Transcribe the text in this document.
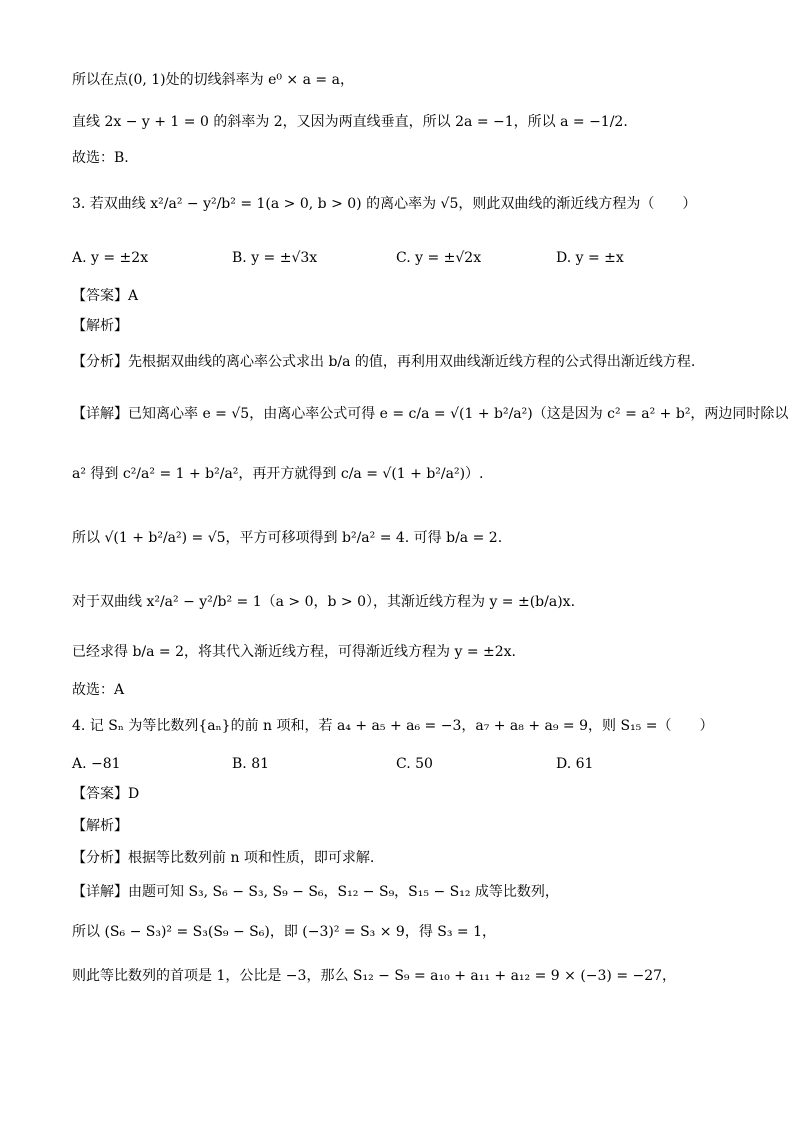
所以在点(0, 1)处的切线斜率为 e⁰ × a = a，
直线 2x − y + 1 = 0 的斜率为 2，又因为两直线垂直，所以 2a = −1，所以 a = −1/2.
故选：B.
3. 若双曲线 x²/a² − y²/b² = 1(a > 0, b > 0) 的离心率为 √5，则此双曲线的渐近线方程为（　　）
A. y = ±2x	B. y = ±√3x	C. y = ±√2x	D. y = ±x
【答案】A
【解析】
【分析】先根据双曲线的离心率公式求出 b/a 的值，再利用双曲线渐近线方程的公式得出渐近线方程.
【详解】已知离心率 e = √5，由离心率公式可得 e = c/a = √(1 + b²/a²)（这是因为 c² = a² + b²，两边同时除以
a² 得到 c²/a² = 1 + b²/a²，再开方就得到 c/a = √(1 + b²/a²)）.
所以 √(1 + b²/a²) = √5，平方可移项得到 b²/a² = 4. 可得 b/a = 2.
对于双曲线 x²/a² − y²/b² = 1（a > 0，b > 0），其渐近线方程为 y = ±(b/a)x.
已经求得 b/a = 2，将其代入渐近线方程，可得渐近线方程为 y = ±2x.
故选：A
4. 记 Sₙ 为等比数列{aₙ}的前 n 项和，若 a₄ + a₅ + a₆ = −3，a₇ + a₈ + a₉ = 9，则 S₁₅ =（　　）
A. −81	B. 81	C. 50	D. 61
【答案】D
【解析】
【分析】根据等比数列前 n 项和性质，即可求解.
【详解】由题可知 S₃, S₆ − S₃, S₉ − S₆，S₁₂ − S₉，S₁₅ − S₁₂ 成等比数列，
所以 (S₆ − S₃)² = S₃(S₉ − S₆)，即 (−3)² = S₃ × 9，得 S₃ = 1，
则此等比数列的首项是 1，公比是 −3，那么 S₁₂ − S₉ = a₁₀ + a₁₁ + a₁₂ = 9 × (−3) = −27，
